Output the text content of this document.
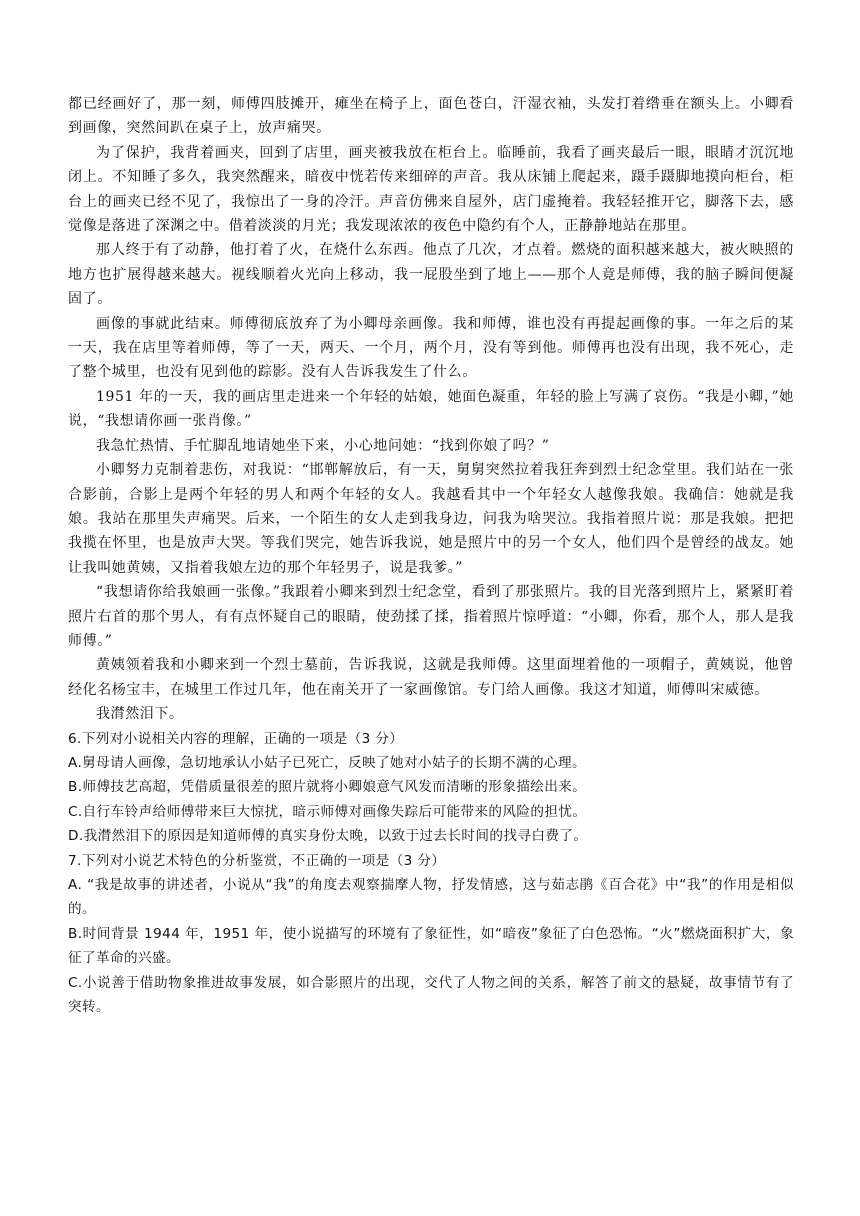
都已经画好了，那一刻，师傅四肢摊开，瘫坐在椅子上，面色苍白，汗湿衣袖，头发打着绺垂在额头上。小卿看到画像，突然间趴在桌子上，放声痛哭。

为了保护，我背着画夹，回到了店里，画夹被我放在柜台上。临睡前，我看了画夹最后一眼，眼睛才沉沉地闭上。不知睡了多久，我突然醒来，暗夜中恍若传来细碎的声音。我从床铺上爬起来，蹑手蹑脚地摸向柜台，柜台上的画夹已经不见了，我惊出了一身的冷汗。声音仿佛来自屋外，店门虚掩着。我轻轻推开它，脚落下去，感觉像是落进了深渊之中。借着淡淡的月光；我发现浓浓的夜色中隐约有个人，正静静地站在那里。

那人终于有了动静，他打着了火，在烧什么东西。他点了几次，才点着。燃烧的面积越来越大，被火映照的地方也扩展得越来越大。视线顺着火光向上移动，我一屁股坐到了地上——那个人竟是师傅，我的脑子瞬间便凝固了。

画像的事就此结束。师傅彻底放弃了为小卿母亲画像。我和师傅，谁也没有再提起画像的事。一年之后的某一天，我在店里等着师傅，等了一天，两天、一个月，两个月，没有等到他。师傅再也没有出现，我不死心，走了整个城里，也没有见到他的踪影。没有人告诉我发生了什么。

1951 年的一天，我的画店里走进来一个年轻的姑娘，她面色凝重，年轻的脸上写满了哀伤。“我是小卿，”她说，“我想请你画一张肖像。”

我急忙热情、手忙脚乱地请她坐下来，小心地问她：“找到你娘了吗？”

小卿努力克制着悲伤，对我说：“邯郸解放后，有一天，舅舅突然拉着我狂奔到烈士纪念堂里。我们站在一张合影前，合影上是两个年轻的男人和两个年轻的女人。我越看其中一个年轻女人越像我娘。我确信：她就是我娘。我站在那里失声痛哭。后来，一个陌生的女人走到我身边，问我为啥哭泣。我指着照片说：那是我娘。把把我揽在怀里，也是放声大哭。等我们哭完，她告诉我说，她是照片中的另一个女人，他们四个是曾经的战友。她让我叫她黄姨，又指着我娘左边的那个年轻男子，说是我爹。”

“我想请你给我娘画一张像。”我跟着小卿来到烈士纪念堂，看到了那张照片。我的目光落到照片上，紧紧盯着照片右首的那个男人，有有点怀疑自己的眼睛，使劲揉了揉，指着照片惊呼道：“小卿，你看，那个人，那人是我师傅。”

黄姨领着我和小卿来到一个烈士墓前，告诉我说，这就是我师傅。这里面埋着他的一项帽子，黄姨说，他曾经化名杨宝丰，在城里工作过几年，他在南关开了一家画像馆。专门给人画像。我这才知道，师傅叫宋威德。

我潸然泪下。

6.下列对小说相关内容的理解，正确的一项是（3 分）

A.舅母请人画像，急切地承认小姑子已死亡，反映了她对小姑子的长期不满的心理。

B.师傅技艺高超，凭借质量很差的照片就将小卿娘意气风发而清晰的形象描绘出来。

C.自行车铃声给师傅带来巨大惊扰，暗示师傅对画像失踪后可能带来的风险的担忧。

D.我潸然泪下的原因是知道师傅的真实身份太晚，以致于过去长时间的找寻白费了。

7.下列对小说艺术特色的分析鉴赏，不正确的一项是（3 分）

A. “我是故事的讲述者，小说从“我”的角度去观察揣摩人物，抒发情感，这与茹志鹃《百合花》中“我”的作用是相似的。

B.时间背景 1944 年，1951 年，使小说描写的环境有了象征性，如“暗夜”象征了白色恐怖。“火”燃烧面积扩大，象征了革命的兴盛。

C.小说善于借助物象推进故事发展，如合影照片的出现，交代了人物之间的关系，解答了前文的悬疑，故事情节有了突转。
